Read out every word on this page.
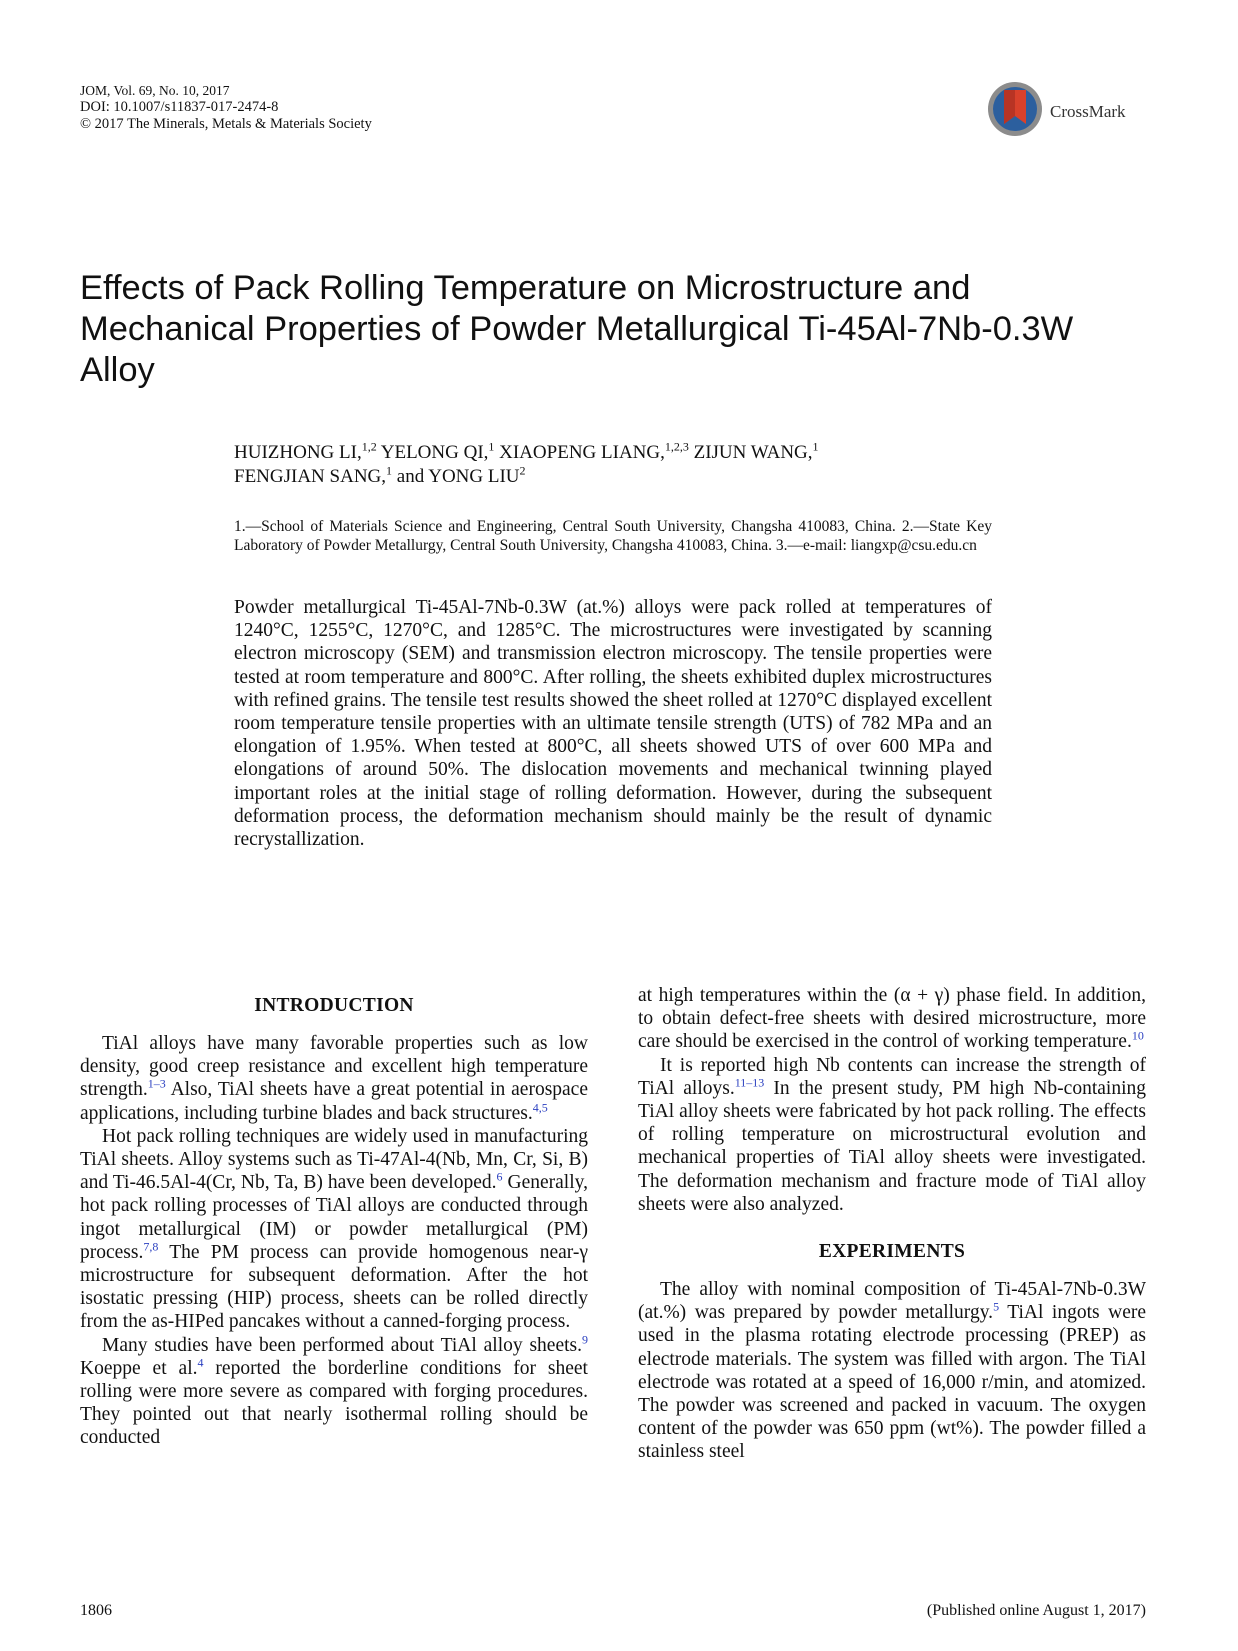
JOM, Vol. 69, No. 10, 2017
DOI: 10.1007/s11837-017-2474-8
© 2017 The Minerals, Metals & Materials Society
CrossMark
Effects of Pack Rolling Temperature on Microstructure and Mechanical Properties of Powder Metallurgical Ti-45Al-7Nb-0.3W Alloy
HUIZHONG LI,$^{1,2}$ YELONG QI,$^1$ XIAOPENG LIANG,$^{1,2,3}$ ZIJUN WANG,$^1$
FENGJIAN SANG,$^1$ and YONG LIU$^2$
1.—School of Materials Science and Engineering, Central South University, Changsha 410083, China. 2.—State Key Laboratory of Powder Metallurgy, Central South University, Changsha 410083, China. 3.—e-mail: liangxp@csu.edu.cn
Powder metallurgical Ti-45Al-7Nb-0.3W (at.%) alloys were pack rolled at temperatures of 1240°C, 1255°C, 1270°C, and 1285°C. The microstructures were investigated by scanning electron microscopy (SEM) and transmission electron microscopy. The tensile properties were tested at room temperature and 800°C. After rolling, the sheets exhibited duplex microstructures with refined grains. The tensile test results showed the sheet rolled at 1270°C displayed excellent room temperature tensile properties with an ultimate tensile strength (UTS) of 782 MPa and an elongation of 1.95%. When tested at 800°C, all sheets showed UTS of over 600 MPa and elongations of around 50%. The dislocation movements and mechanical twinning played important roles at the initial stage of rolling deformation. However, during the subsequent deformation process, the deformation mechanism should mainly be the result of dynamic recrystallization.
INTRODUCTION

TiAl alloys have many favorable properties such as low density, good creep resistance and excellent high temperature strength.$^{1-3}$ Also, TiAl sheets have a great potential in aerospace applications, including turbine blades and back structures.$^{4,5}$

Hot pack rolling techniques are widely used in manufacturing TiAl sheets. Alloy systems such as Ti-47Al-4(Nb, Mn, Cr, Si, B) and Ti-46.5Al-4(Cr, Nb, Ta, B) have been developed.$^6$ Generally, hot pack rolling processes of TiAl alloys are conducted through ingot metallurgical (IM) or powder metallurgical (PM) process.$^{7,8}$ The PM process can provide homogenous near-γ microstructure for subsequent deformation. After the hot isostatic pressing (HIP) process, sheets can be rolled directly from the as-HIPed pancakes without a canned-forging process.

Many studies have been performed about TiAl alloy sheets.$^9$ Koeppe et al.$^4$ reported the borderline conditions for sheet rolling were more severe as compared with forging procedures. They pointed out that nearly isothermal rolling should be conducted

at high temperatures within the (α + γ) phase field. In addition, to obtain defect-free sheets with desired microstructure, more care should be exercised in the control of working temperature.$^{10}$

It is reported high Nb contents can increase the strength of TiAl alloys.$^{11-13}$ In the present study, PM high Nb-containing TiAl alloy sheets were fabricated by hot pack rolling. The effects of rolling temperature on microstructural evolution and mechanical properties of TiAl alloy sheets were investigated. The deformation mechanism and fracture mode of TiAl alloy sheets were also analyzed.

EXPERIMENTS

The alloy with nominal composition of Ti-45Al-7Nb-0.3W (at.%) was prepared by powder metallurgy.$^5$ TiAl ingots were used in the plasma rotating electrode processing (PREP) as electrode materials. The system was filled with argon. The TiAl electrode was rotated at a speed of 16,000 r/min, and atomized. The powder was screened and packed in vacuum. The oxygen content of the powder was 650 ppm (wt%). The powder filled a stainless steel

1806	(Published online August 1, 2017)
